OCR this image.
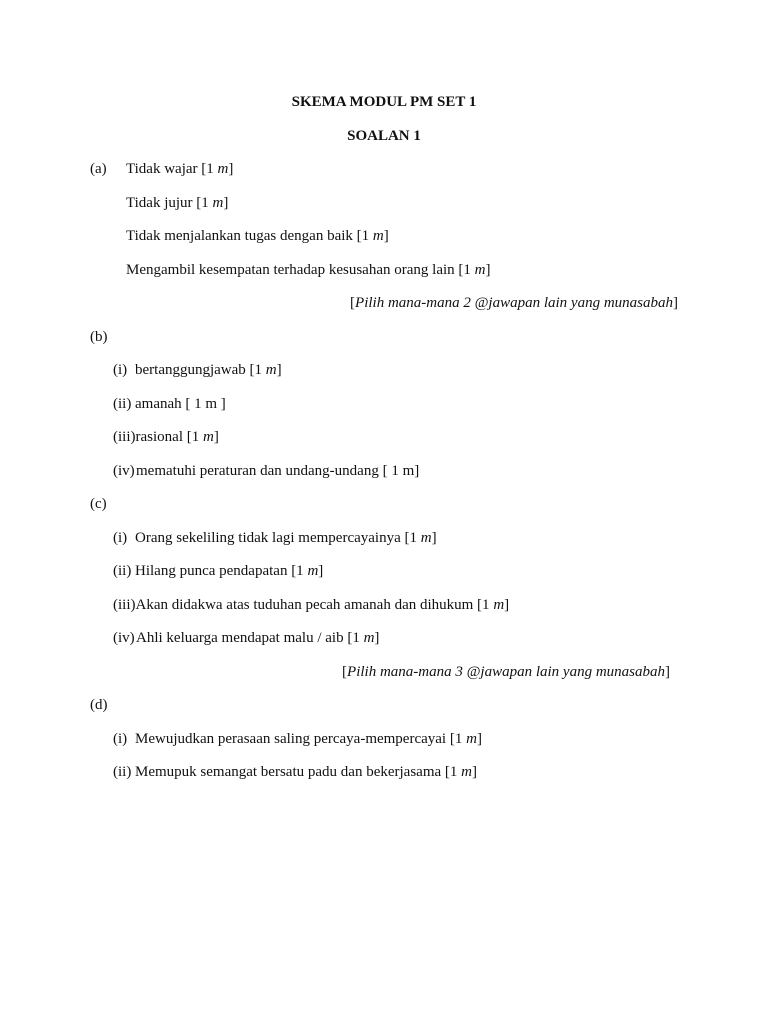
SKEMA MODUL PM SET 1
SOALAN 1
(a) Tidak wajar [1 m]
Tidak jujur [1 m]
Tidak menjalankan tugas dengan baik [1 m]
Mengambil kesempatan terhadap kesusahan orang lain [1 m]
[Pilih mana-mana 2 @jawapan lain yang munasabah]
(b)
(i) bertanggungjawab [1 m]
(ii) amanah [ 1 m ]
(iii)rasional [1 m]
(iv) mematuhi peraturan dan undang-undang [ 1 m]
(c)
(i) Orang sekeliling tidak lagi mempercayainya [1 m]
(ii) Hilang punca pendapatan [1 m]
(iii)Akan didakwa atas tuduhan pecah amanah dan dihukum [1 m]
(iv) Ahli keluarga mendapat malu / aib [1 m]
[Pilih mana-mana 3 @jawapan lain yang munasabah]
(d)
(i) Mewujudkan perasaan saling percaya-mempercayai [1 m]
(ii) Memupuk semangat bersatu padu dan bekerjasama [1 m]
